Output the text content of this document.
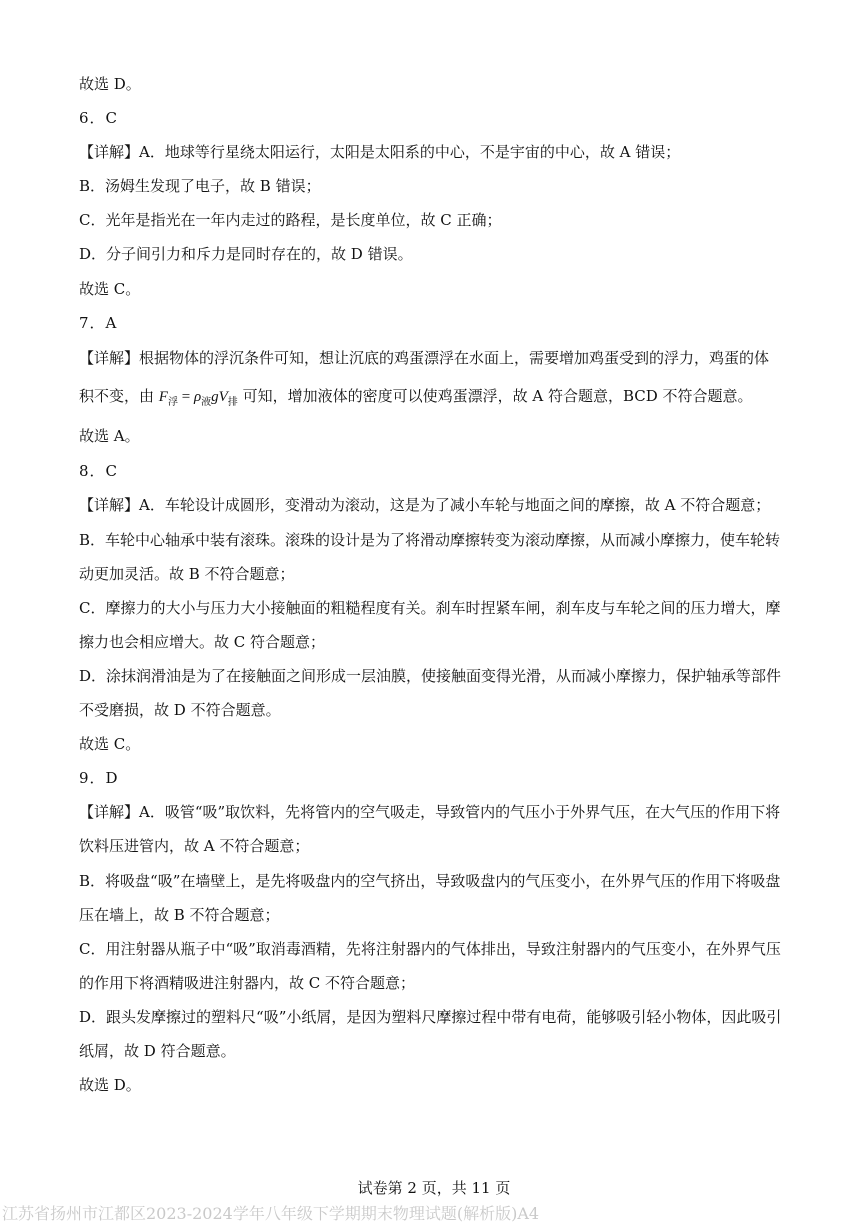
故选 D。
6．C
【详解】A．地球等行星绕太阳运行，太阳是太阳系的中心，不是宇宙的中心，故 A 错误；
B．汤姆生发现了电子，故 B 错误；
C．光年是指光在一年内走过的路程，是长度单位，故 C 正确；
D．分子间引力和斥力是同时存在的，故 D 错误。
故选 C。
7．A
【详解】根据物体的浮沉条件可知，想让沉底的鸡蛋漂浮在水面上，需要增加鸡蛋受到的浮力，鸡蛋的体
积不变，由 $F_浮 = \rho_液gV_排$ 可知，增加液体的密度可以使鸡蛋漂浮，故 A 符合题意，BCD 不符合题意。
故选 A。
8．C
【详解】A．车轮设计成圆形，变滑动为滚动，这是为了减小车轮与地面之间的摩擦，故 A 不符合题意；
B．车轮中心轴承中装有滚珠。滚珠的设计是为了将滑动摩擦转变为滚动摩擦，从而减小摩擦力，使车轮转
动更加灵活。故 B 不符合题意；
C．摩擦力的大小与压力大小接触面的粗糙程度有关。刹车时捏紧车闸，刹车皮与车轮之间的压力增大，摩
擦力也会相应增大。故 C 符合题意；
D．涂抹润滑油是为了在接触面之间形成一层油膜，使接触面变得光滑，从而减小摩擦力，保护轴承等部件
不受磨损，故 D 不符合题意。
故选 C。
9．D
【详解】A．吸管“吸”取饮料，先将管内的空气吸走，导致管内的气压小于外界气压，在大气压的作用下将
饮料压进管内，故 A 不符合题意；
B．将吸盘“吸”在墙壁上，是先将吸盘内的空气挤出，导致吸盘内的气压变小，在外界气压的作用下将吸盘
压在墙上，故 B 不符合题意；
C．用注射器从瓶子中“吸”取消毒酒精，先将注射器内的气体排出，导致注射器内的气压变小，在外界气压
的作用下将酒精吸进注射器内，故 C 不符合题意；
D．跟头发摩擦过的塑料尺“吸”小纸屑，是因为塑料尺摩擦过程中带有电荷，能够吸引轻小物体，因此吸引
纸屑，故 D 符合题意。
故选 D。
试卷第 2 页，共 11 页
江苏省扬州市江都区2023-2024学年八年级下学期期末物理试题(解析版)A4
